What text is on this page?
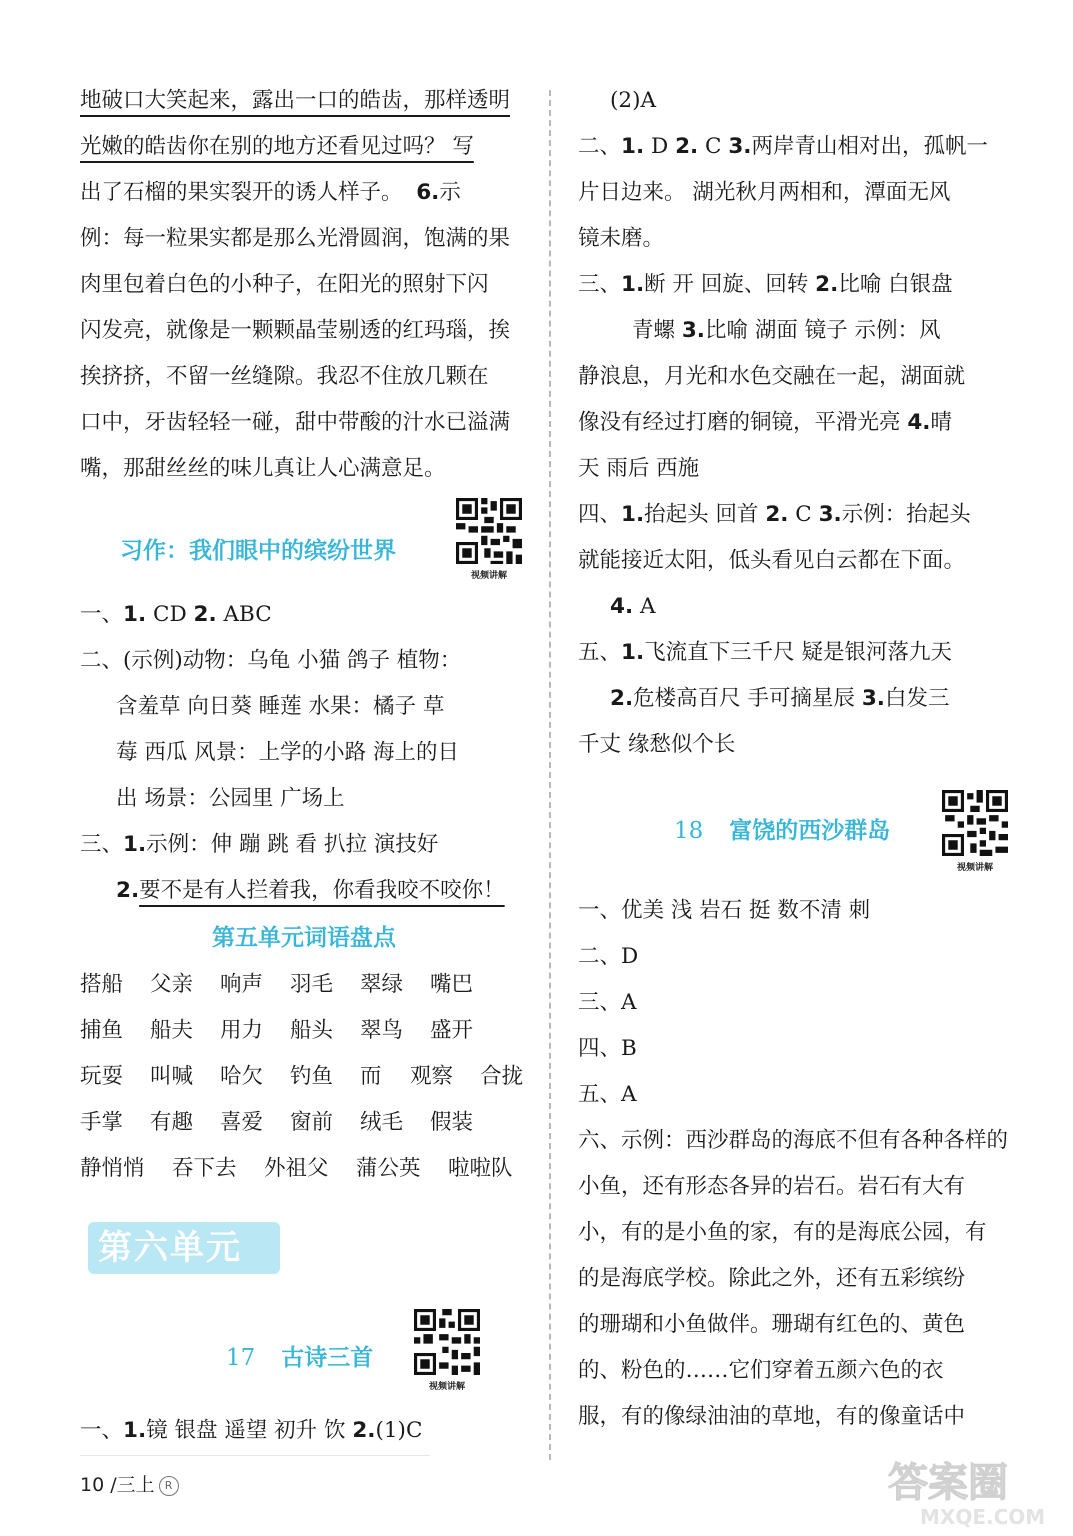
地破口大笑起来，露出一口的皓齿，那样透明
光嫩的皓齿你在别的地方还看见过吗？ 写
出了石榴的果实裂开的诱人样子。 6.示
例：每一粒果实都是那么光滑圆润，饱满的果
肉里包着白色的小种子，在阳光的照射下闪
闪发亮，就像是一颗颗晶莹剔透的红玛瑙，挨
挨挤挤，不留一丝缝隙。我忍不住放几颗在
口中，牙齿轻轻一碰，甜中带酸的汁水已溢满
嘴，那甜丝丝的味儿真让人心满意足。
习作：我们眼中的缤纷世界
视频讲解
一、1. CD 2. ABC
二、(示例)动物：乌龟 小猫 鸽子 植物：
含羞草 向日葵 睡莲 水果：橘子 草
莓 西瓜 风景：上学的小路 海上的日
出 场景：公园里 广场上
三、1.示例：伸 蹦 跳 看 扒拉 演技好
2.要不是有人拦着我，你看我咬不咬你！
第五单元词语盘点
搭船 父亲 响声 羽毛 翠绿 嘴巴
捕鱼 船夫 用力 船头 翠鸟 盛开
玩耍 叫喊 哈欠 钓鱼 而 观察 合拢
手掌 有趣 喜爱 窗前 绒毛 假装
静悄悄 吞下去 外祖父 蒲公英 啦啦队
第六单元
17 古诗三首
视频讲解
一、1.镜 银盘 遥望 初升 饮 2.(1)C
(2)A
二、1. D 2. C 3.两岸青山相对出，孤帆一
片日边来。 湖光秋月两相和，潭面无风
镜未磨。
三、1.断 开 回旋、回转 2.比喻 白银盘
青螺 3.比喻 湖面 镜子 示例：风
静浪息，月光和水色交融在一起，湖面就
像没有经过打磨的铜镜，平滑光亮 4.晴
天 雨后 西施
四、1.抬起头 回首 2. C 3.示例：抬起头
就能接近太阳，低头看见白云都在下面。
4. A
五、1.飞流直下三千尺 疑是银河落九天
2.危楼高百尺 手可摘星辰 3.白发三
千丈 缘愁似个长
18 富饶的西沙群岛
视频讲解
一、优美 浅 岩石 挺 数不清 刺
二、D
三、A
四、B
五、A
六、示例：西沙群岛的海底不但有各种各样的
小鱼，还有形态各异的岩石。岩石有大有
小，有的是小鱼的家，有的是海底公园，有
的是海底学校。除此之外，还有五彩缤纷
的珊瑚和小鱼做伴。珊瑚有红色的、黄色
的、粉色的……它们穿着五颜六色的衣
服，有的像绿油油的草地，有的像童话中
10 /三上 R	答案圈
MXQE.COM
